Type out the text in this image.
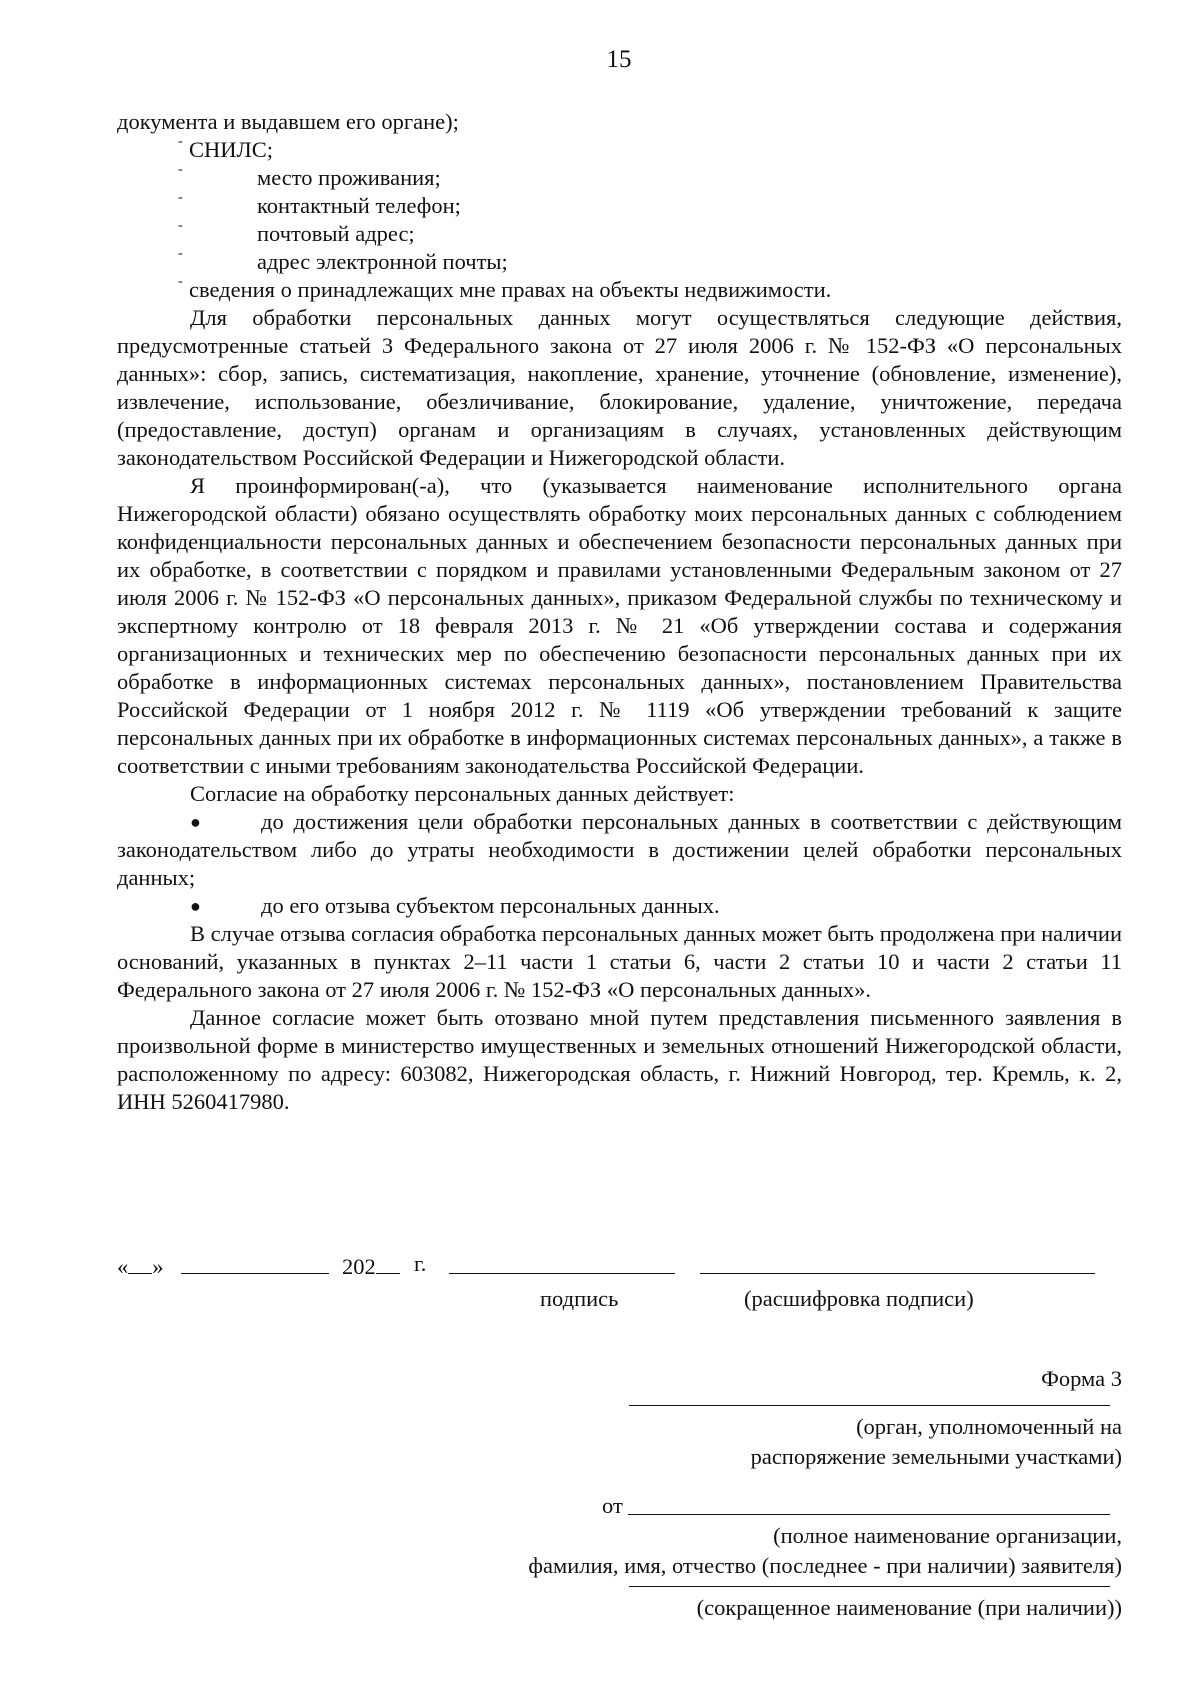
15

документа и выдавшем его органе);

- СНИЛС;

-	место проживания;

-	контактный телефон;

-	почтовый адрес;

-	адрес электронной почты;

- сведения о принадлежащих мне правах на объекты недвижимости.

Для обработки персональных данных могут осуществляться следующие действия, предусмотренные статьей 3 Федерального закона от 27 июля 2006 г. № 152-ФЗ «О персональных данных»: сбор, запись, систематизация, накопление, хранение, уточнение (обновление, изменение), извлечение, использование, обезличивание, блокирование, удаление, уничтожение, передача (предоставление, доступ) органам и организациям в случаях, установленных действующим законодательством Российской Федерации и Нижегородской области.

Я проинформирован(-а), что (указывается наименование исполнительного органа Нижегородской области) обязано осуществлять обработку моих персональных данных с соблюдением конфиденциальности персональных данных и обеспечением безопасности персональных данных при их обработке, в соответствии с порядком и правилами установленными Федеральным законом от 27 июля 2006 г. № 152-ФЗ «О персональных данных», приказом Федеральной службы по техническому и экспертному контролю от 18 февраля 2013 г. № 21 «Об утверждении состава и содержания организационных и технических мер по обеспечению безопасности персональных данных при их обработке в информационных системах персональных данных», постановлением Правительства Российской Федерации от 1 ноября 2012 г. № 1119 «Об утверждении требований к защите персональных данных при их обработке в информационных системах персональных данных», а также в соответствии с иными требованиям законодательства Российской Федерации.

Согласие на обработку персональных данных действует:

●	до достижения цели обработки персональных данных в соответствии с действующим законодательством либо до утраты необходимости в достижении целей обработки персональных данных;

●	до его отзыва субъектом персональных данных.

В случае отзыва согласия обработка персональных данных может быть продолжена при наличии оснований, указанных в пунктах 2–11 части 1 статьи 6, части 2 статьи 10 и части 2 статьи 11 Федерального закона от 27 июля 2006 г. № 152-ФЗ «О персональных данных».

Данное согласие может быть отозвано мной путем представления письменного заявления в произвольной форме в министерство имущественных и земельных отношений Нижегородской области, расположенному по адресу: 603082, Нижегородская область, г. Нижний Новгород, тер. Кремль, к. 2, ИНН 5260417980.

« »	202	г.
подпись	(расшифровка подписи)
Форма 3
(орган, уполномоченный на
распоряжение земельными участками)
от
(полное наименование организации,
фамилия, имя, отчество (последнее - при наличии) заявителя)
(сокращенное наименование (при наличии))
